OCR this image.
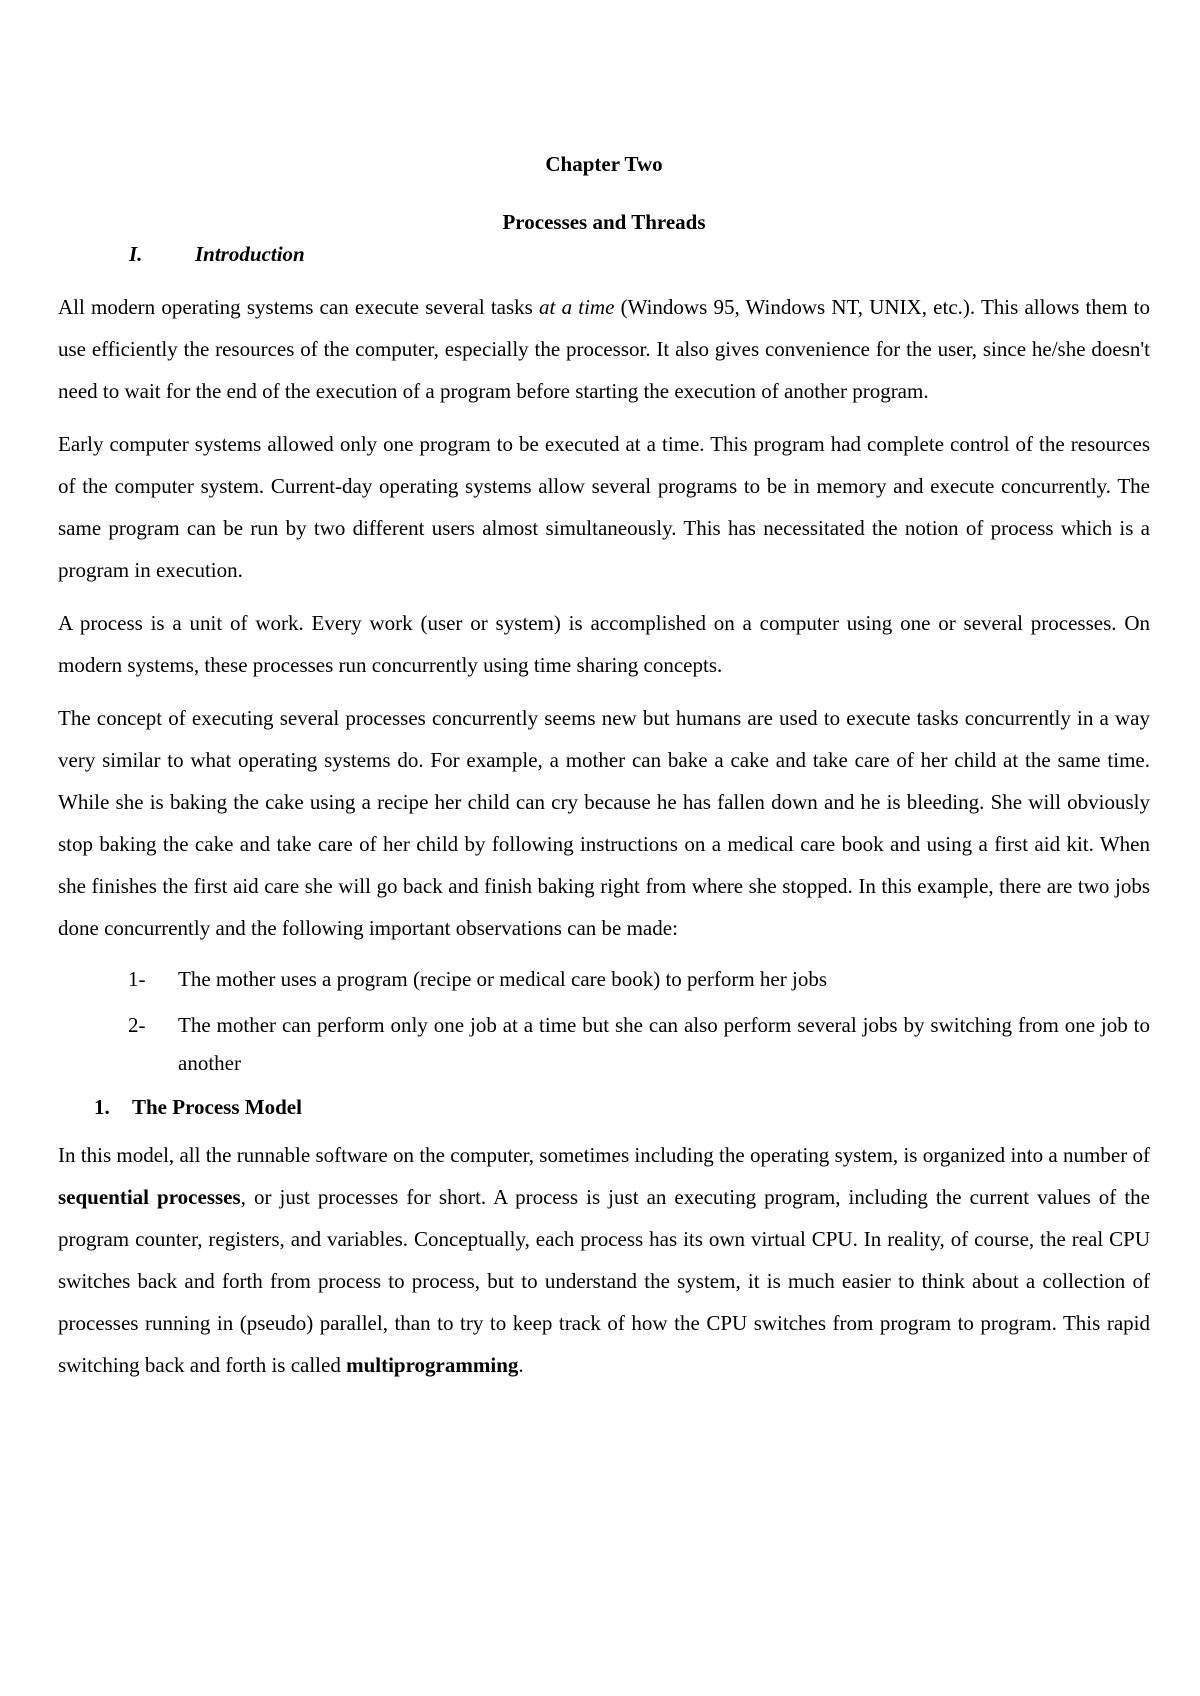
Chapter Two
Processes and Threads
I.	Introduction

All modern operating systems can execute several tasks at a time (Windows 95, Windows NT, UNIX, etc.). This allows them to use efficiently the resources of the computer, especially the processor. It also gives convenience for the user, since he/she doesn't need to wait for the end of the execution of a program before starting the execution of another program.

Early computer systems allowed only one program to be executed at a time. This program had complete control of the resources of the computer system. Current-day operating systems allow several programs to be in memory and execute concurrently. The same program can be run by two different users almost simultaneously. This has necessitated the notion of process which is a program in execution.

A process is a unit of work. Every work (user or system) is accomplished on a computer using one or several processes. On modern systems, these processes run concurrently using time sharing concepts.

The concept of executing several processes concurrently seems new but humans are used to execute tasks concurrently in a way very similar to what operating systems do. For example, a mother can bake a cake and take care of her child at the same time. While she is baking the cake using a recipe her child can cry because he has fallen down and he is bleeding. She will obviously stop baking the cake and take care of her child by following instructions on a medical care book and using a first aid kit. When she finishes the first aid care she will go back and finish baking right from where she stopped. In this example, there are two jobs done concurrently and the following important observations can be made:

1-	The mother uses a program (recipe or medical care book) to perform her jobs
2-	The mother can perform only one job at a time but she can also perform several jobs by switching from one job to another
1.	The Process Model

In this model, all the runnable software on the computer, sometimes including the operating system, is organized into a number of sequential processes, or just processes for short. A process is just an executing program, including the current values of the program counter, registers, and variables. Conceptually, each process has its own virtual CPU. In reality, of course, the real CPU switches back and forth from process to process, but to understand the system, it is much easier to think about a collection of processes running in (pseudo) parallel, than to try to keep track of how the CPU switches from program to program. This rapid switching back and forth is called multiprogramming.
